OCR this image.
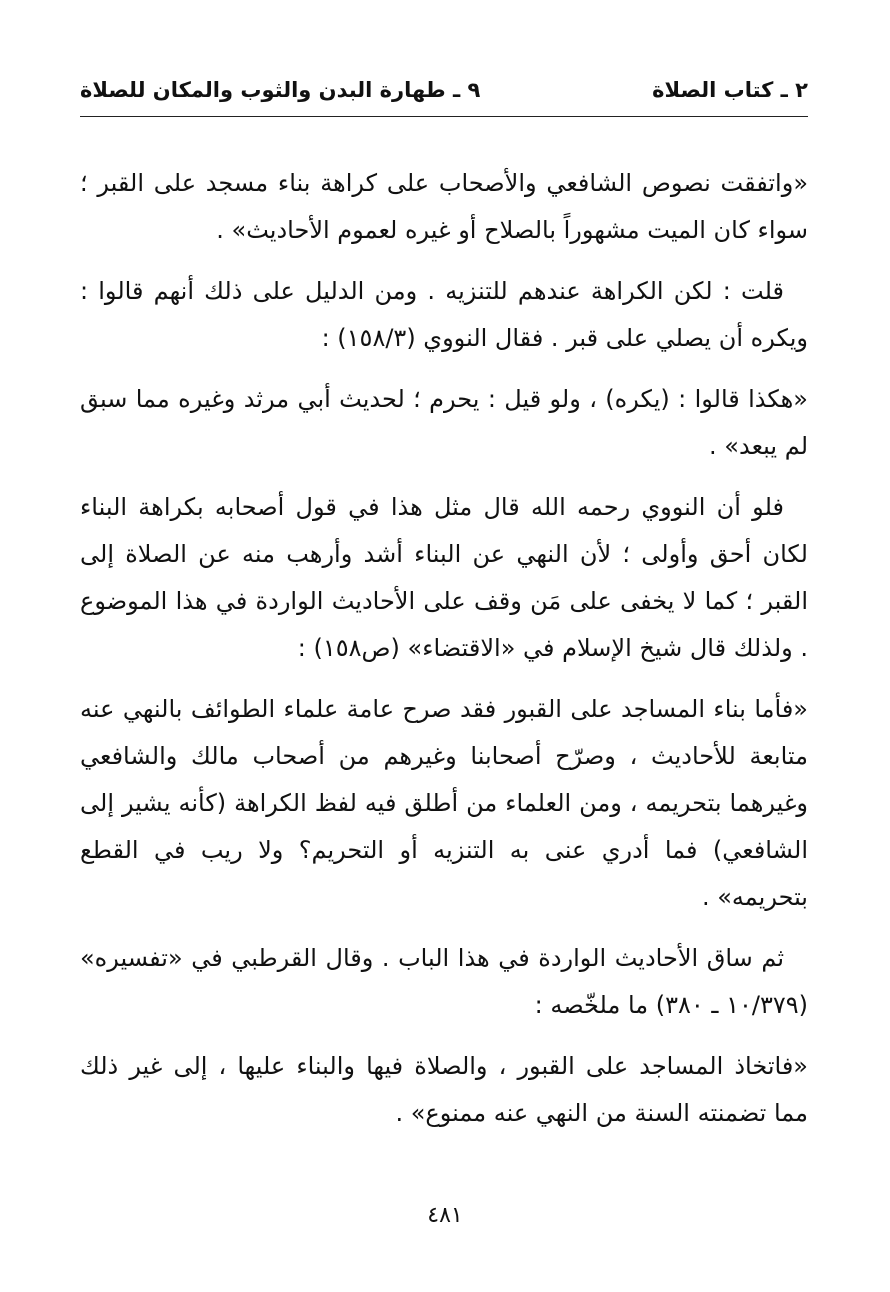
٢ ـ كتاب الصلاة
٩ ـ طهارة البدن والثوب والمكان للصلاة

«واتفقت نصوص الشافعي والأصحاب على كراهة بناء مسجد على القبر ؛ سواء كان الميت مشهوراً بالصلاح أو غيره لعموم الأحاديث» .

قلت : لكن الكراهة عندهم للتنزيه . ومن الدليل على ذلك أنهم قالوا : ويكره أن يصلي على قبر . فقال النووي (١٥٨/٣) :

«هكذا قالوا : (يكره) ، ولو قيل : يحرم ؛ لحديث أبي مرثد وغيره مما سبق لم يبعد» .

فلو أن النووي رحمه الله قال مثل هذا في قول أصحابه بكراهة البناء لكان أحق وأولى ؛ لأن النهي عن البناء أشد وأرهب منه عن الصلاة إلى القبر ؛ كما لا يخفى على مَن وقف على الأحاديث الواردة في هذا الموضوع . ولذلك قال شيخ الإسلام في «الاقتضاء» (ص١٥٨) :

«فأما بناء المساجد على القبور فقد صرح عامة علماء الطوائف بالنهي عنه متابعة للأحاديث ، وصرّح أصحابنا وغيرهم من أصحاب مالك والشافعي وغيرهما بتحريمه ، ومن العلماء من أطلق فيه لفظ الكراهة (كأنه يشير إلى الشافعي) فما أدري عنى به التنزيه أو التحريم؟ ولا ريب في القطع بتحريمه» .

ثم ساق الأحاديث الواردة في هذا الباب . وقال القرطبي في «تفسيره» (١٠/٣٧٩ ـ ٣٨٠) ما ملخّصه :

«فاتخاذ المساجد على القبور ، والصلاة فيها والبناء عليها ، إلى غير ذلك مما تضمنته السنة من النهي عنه ممنوع» .

٤٨١
